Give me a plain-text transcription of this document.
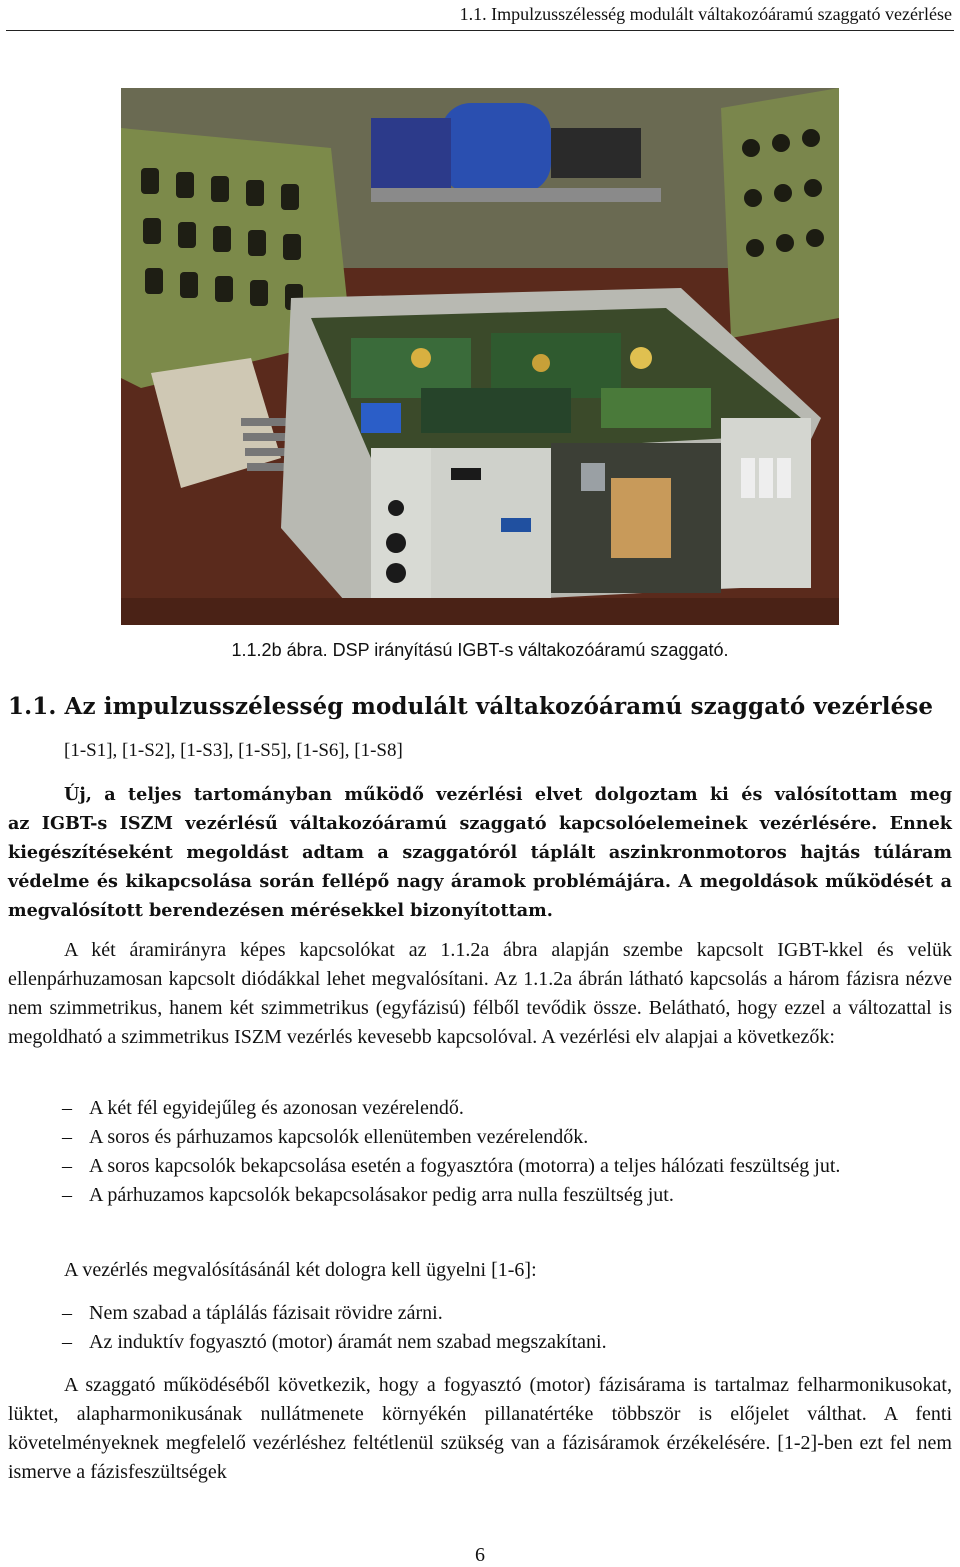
1.1. Impulzusszélesség modulált váltakozóáramú szaggató vezérlése
1.1.2b ábra. DSP irányítású IGBT-s váltakozóáramú szaggató.
1.1. Az impulzusszélesség modulált váltakozóáramú szaggató vezérlése
[1-S1], [1-S2], [1-S3], [1-S5], [1-S6], [1-S8]
Új, a teljes tartományban működő vezérlési elvet dolgoztam ki és valósítottam meg
az IGBT-s ISZM vezérlésű váltakozóáramú szaggató kapcsolóelemeinek vezérlésére. Ennek kiegészítéseként megoldást adtam a szaggatóról táplált aszinkronmotoros hajtás túláram védelme és kikapcsolása során fellépő nagy áramok problémájára. A megoldások működését a megvalósított berendezésen mérésekkel bizonyítottam.
A két áramirányra képes kapcsolókat az 1.1.2a ábra alapján szembe kapcsolt IGBT-kkel és velük ellenpárhuzamosan kapcsolt diódákkal lehet megvalósítani. Az 1.1.2a ábrán látható kapcsolás a három fázisra nézve nem szimmetrikus, hanem két szimmetrikus (egyfázisú) félből tevődik össze. Belátható, hogy ezzel a változattal is megoldható a szimmetrikus ISZM vezérlés kevesebb kapcsolóval. A vezérlési elv alapjai a következők:
– A két fél egyidejűleg és azonosan vezérelendő.
– A soros és párhuzamos kapcsolók ellenütemben vezérelendők.
– A soros kapcsolók bekapcsolása esetén a fogyasztóra (motorra) a teljes hálózati feszültség jut.
– A párhuzamos kapcsolók bekapcsolásakor pedig arra nulla feszültség jut.
A vezérlés megvalósításánál két dologra kell ügyelni [1-6]:
– Nem szabad a táplálás fázisait rövidre zárni.
– Az induktív fogyasztó (motor) áramát nem szabad megszakítani.
A szaggató működéséből következik, hogy a fogyasztó (motor) fázisárama is tartalmaz felharmonikusokat, lüktet, alapharmonikusának nullátmenete környékén pillanatértéke többször is előjelet válthat. A fenti követelményeknek megfelelő vezérléshez feltétlenül szükség van a fázisáramok érzékelésére. [1-2]-ben ezt fel nem ismerve a fázisfeszültségek
6
